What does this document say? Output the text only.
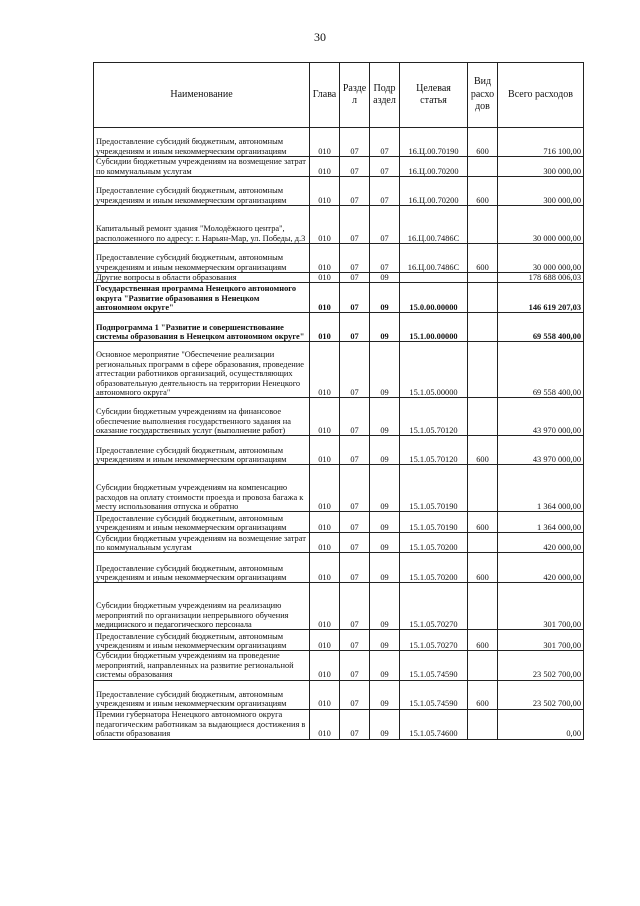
30
Наименование	Глава	Разде л	Подр аздел	Целевая статья	Вид расхо дов	Всего расходов
Предоставление субсидий бюджетным, автономным учреждениям и иным некоммерческим организациям	010	07	07	16.Ц.00.70190	600	716 100,00
Субсидии бюджетным учреждениям на возмещение затрат по коммунальным услугам	010	07	07	16.Ц.00.70200		300 000,00
Предоставление субсидий бюджетным, автономным учреждениям и иным некоммерческим организациям	010	07	07	16.Ц.00.70200	600	300 000,00
Капитальный ремонт здания "Молодёжного центра", расположенного по адресу: г. Нарьян-Мар, ул. Победы, д.3	010	07	07	16.Ц.00.7486С		30 000 000,00
Предоставление субсидий бюджетным, автономным учреждениям и иным некоммерческим организациям	010	07	07	16.Ц.00.7486С	600	30 000 000,00
Другие вопросы в области образования	010	07	09			178 688 006,03
Государственная программа Ненецкого автономного округа "Развитие образования в Ненецком автономном округе"	010	07	09	15.0.00.00000		146 619 207,03
Подпрограмма 1 "Развитие и совершенствование системы образования в Ненецком автономном округе"	010	07	09	15.1.00.00000		69 558 400,00
Основное мероприятие "Обеспечение реализации региональных программ в сфере образования, проведение аттестации работников организаций, осуществляющих образовательную деятельность на территории Ненецкого автономного округа"	010	07	09	15.1.05.00000		69 558 400,00
Субсидии бюджетным учреждениям на финансовое обеспечение выполнения государственного задания на оказание государственных услуг (выполнение работ)	010	07	09	15.1.05.70120		43 970 000,00
Предоставление субсидий бюджетным, автономным учреждениям и иным некоммерческим организациям	010	07	09	15.1.05.70120	600	43 970 000,00
Субсидии бюджетным учреждениям на компенсацию расходов на оплату стоимости проезда и провоза багажа к месту использования отпуска и обратно	010	07	09	15.1.05.70190		1 364 000,00
Предоставление субсидий бюджетным, автономным учреждениям и иным некоммерческим организациям	010	07	09	15.1.05.70190	600	1 364 000,00
Субсидии бюджетным учреждениям на возмещение затрат по коммунальным услугам	010	07	09	15.1.05.70200		420 000,00
Предоставление субсидий бюджетным, автономным учреждениям и иным некоммерческим организациям	010	07	09	15.1.05.70200	600	420 000,00
Субсидии бюджетным учреждениям на реализацию мероприятий по организации непрерывного обучения медицинского и педагогического персонала	010	07	09	15.1.05.70270		301 700,00
Предоставление субсидий бюджетным, автономным учреждениям и иным некоммерческим организациям	010	07	09	15.1.05.70270	600	301 700,00
Субсидии бюджетным учреждениям на проведение мероприятий, направленных на развитие региональной системы образования	010	07	09	15.1.05.74590		23 502 700,00
Предоставление субсидий бюджетным, автономным учреждениям и иным некоммерческим организациям	010	07	09	15.1.05.74590	600	23 502 700,00
Премии губернатора Ненецкого автономного округа педагогическим работникам за выдающиеся достижения в области образования	010	07	09	15.1.05.74600		0,00
